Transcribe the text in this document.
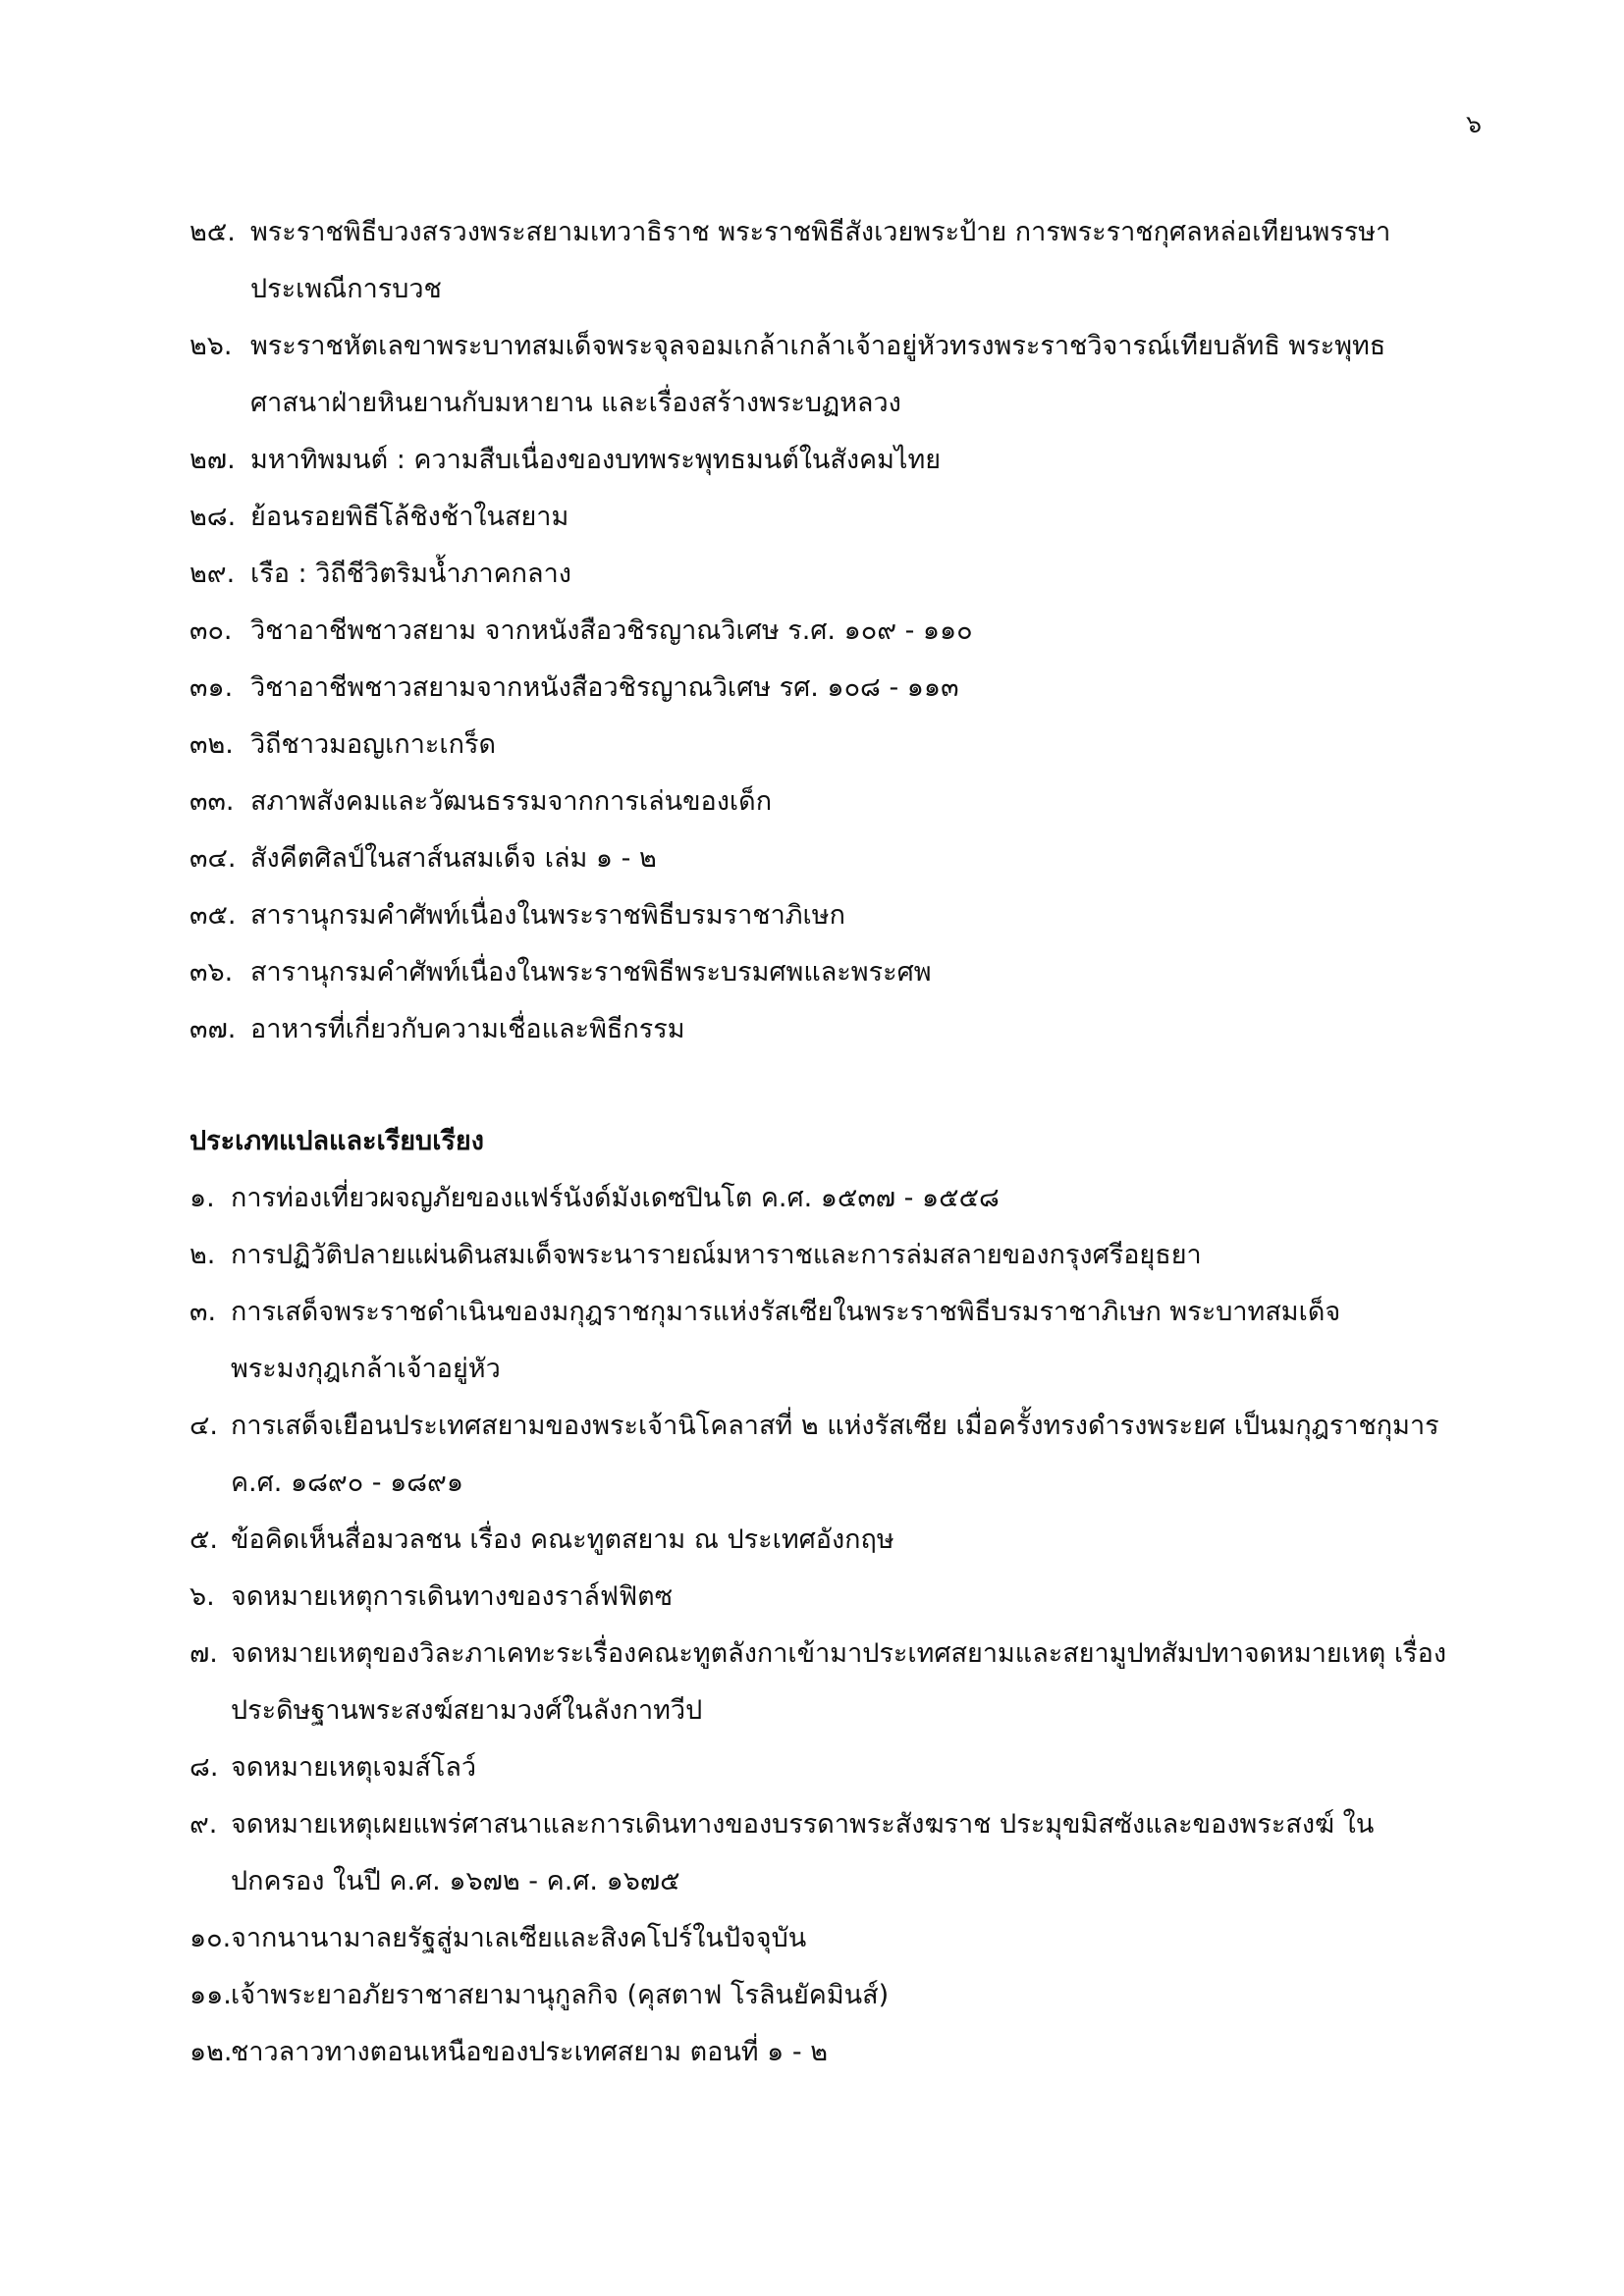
๖
๒๕. พระราชพิธีบวงสรวงพระสยามเทวาธิราช พระราชพิธีสังเวยพระป้าย การพระราชกุศลหล่อเทียนพรรษา ประเพณีการบวช
๒๖. พระราชหัตเลขาพระบาทสมเด็จพระจุลจอมเกล้าเกล้าเจ้าอยู่หัวทรงพระราชวิจารณ์เทียบลัทธิ พระพุทธศาสนาฝ่ายหินยานกับมหายาน และเรื่องสร้างพระบฏหลวง
๒๗. มหาทิพมนต์ : ความสืบเนื่องของบทพระพุทธมนต์ในสังคมไทย
๒๘. ย้อนรอยพิธีโล้ชิงช้าในสยาม
๒๙. เรือ : วิถีชีวิตริมน้ำภาคกลาง
๓๐. วิชาอาชีพชาวสยาม จากหนังสือวชิรญาณวิเศษ ร.ศ. ๑๐๙ - ๑๑๐
๓๑. วิชาอาชีพชาวสยามจากหนังสือวชิรญาณวิเศษ รศ. ๑๐๘ - ๑๑๓
๓๒. วิถีชาวมอญเกาะเกร็ด
๓๓. สภาพสังคมและวัฒนธรรมจากการเล่นของเด็ก
๓๔. สังคีตศิลป์ในสาส์นสมเด็จ เล่ม ๑ - ๒
๓๕. สารานุกรมคำศัพท์เนื่องในพระราชพิธีบรมราชาภิเษก
๓๖. สารานุกรมคำศัพท์เนื่องในพระราชพิธีพระบรมศพและพระศพ
๓๗. อาหารที่เกี่ยวกับความเชื่อและพิธีกรรม
ประเภทแปลและเรียบเรียง
๑. การท่องเที่ยวผจญภัยของแฟร์นังด์มังเดซปินโต ค.ศ. ๑๕๓๗ - ๑๕๕๘
๒. การปฏิวัติปลายแผ่นดินสมเด็จพระนารายณ์มหาราชและการล่มสลายของกรุงศรีอยุธยา
๓. การเสด็จพระราชดำเนินของมกุฎราชกุมารแห่งรัสเซียในพระราชพิธีบรมราชาภิเษก พระบาทสมเด็จพระมงกุฎเกล้าเจ้าอยู่หัว
๔. การเสด็จเยือนประเทศสยามของพระเจ้านิโคลาสที่ ๒ แห่งรัสเซีย เมื่อครั้งทรงดำรงพระยศ เป็นมกุฎราชกุมาร ค.ศ. ๑๘๙๐ - ๑๘๙๑
๕. ข้อคิดเห็นสื่อมวลชน เรื่อง คณะทูตสยาม ณ ประเทศอังกฤษ
๖. จดหมายเหตุการเดินทางของราล์ฟฟิตซ
๗. จดหมายเหตุของวิละภาเคทะระเรื่องคณะทูตลังกาเข้ามาประเทศสยามและสยามูปทสัมปทาจดหมายเหตุ เรื่องประดิษฐานพระสงฆ์สยามวงศ์ในลังกาทวีป
๘. จดหมายเหตุเจมส์โลว์
๙. จดหมายเหตุเผยแพร่ศาสนาและการเดินทางของบรรดาพระสังฆราช ประมุขมิสซังและของพระสงฆ์ ในปกครอง ในปี ค.ศ. ๑๖๗๒ - ค.ศ. ๑๖๗๕
๑๐. จากนานามาลยรัฐสู่มาเลเซียและสิงคโปร์ในปัจจุบัน
๑๑. เจ้าพระยาอภัยราชาสยามานุกูลกิจ (คุสตาฟ โรลินยัคมินส์)
๑๒.
ชาวลาวทางตอนเหนือของประเทศสยาม ตอนที่ ๑ - ๒
